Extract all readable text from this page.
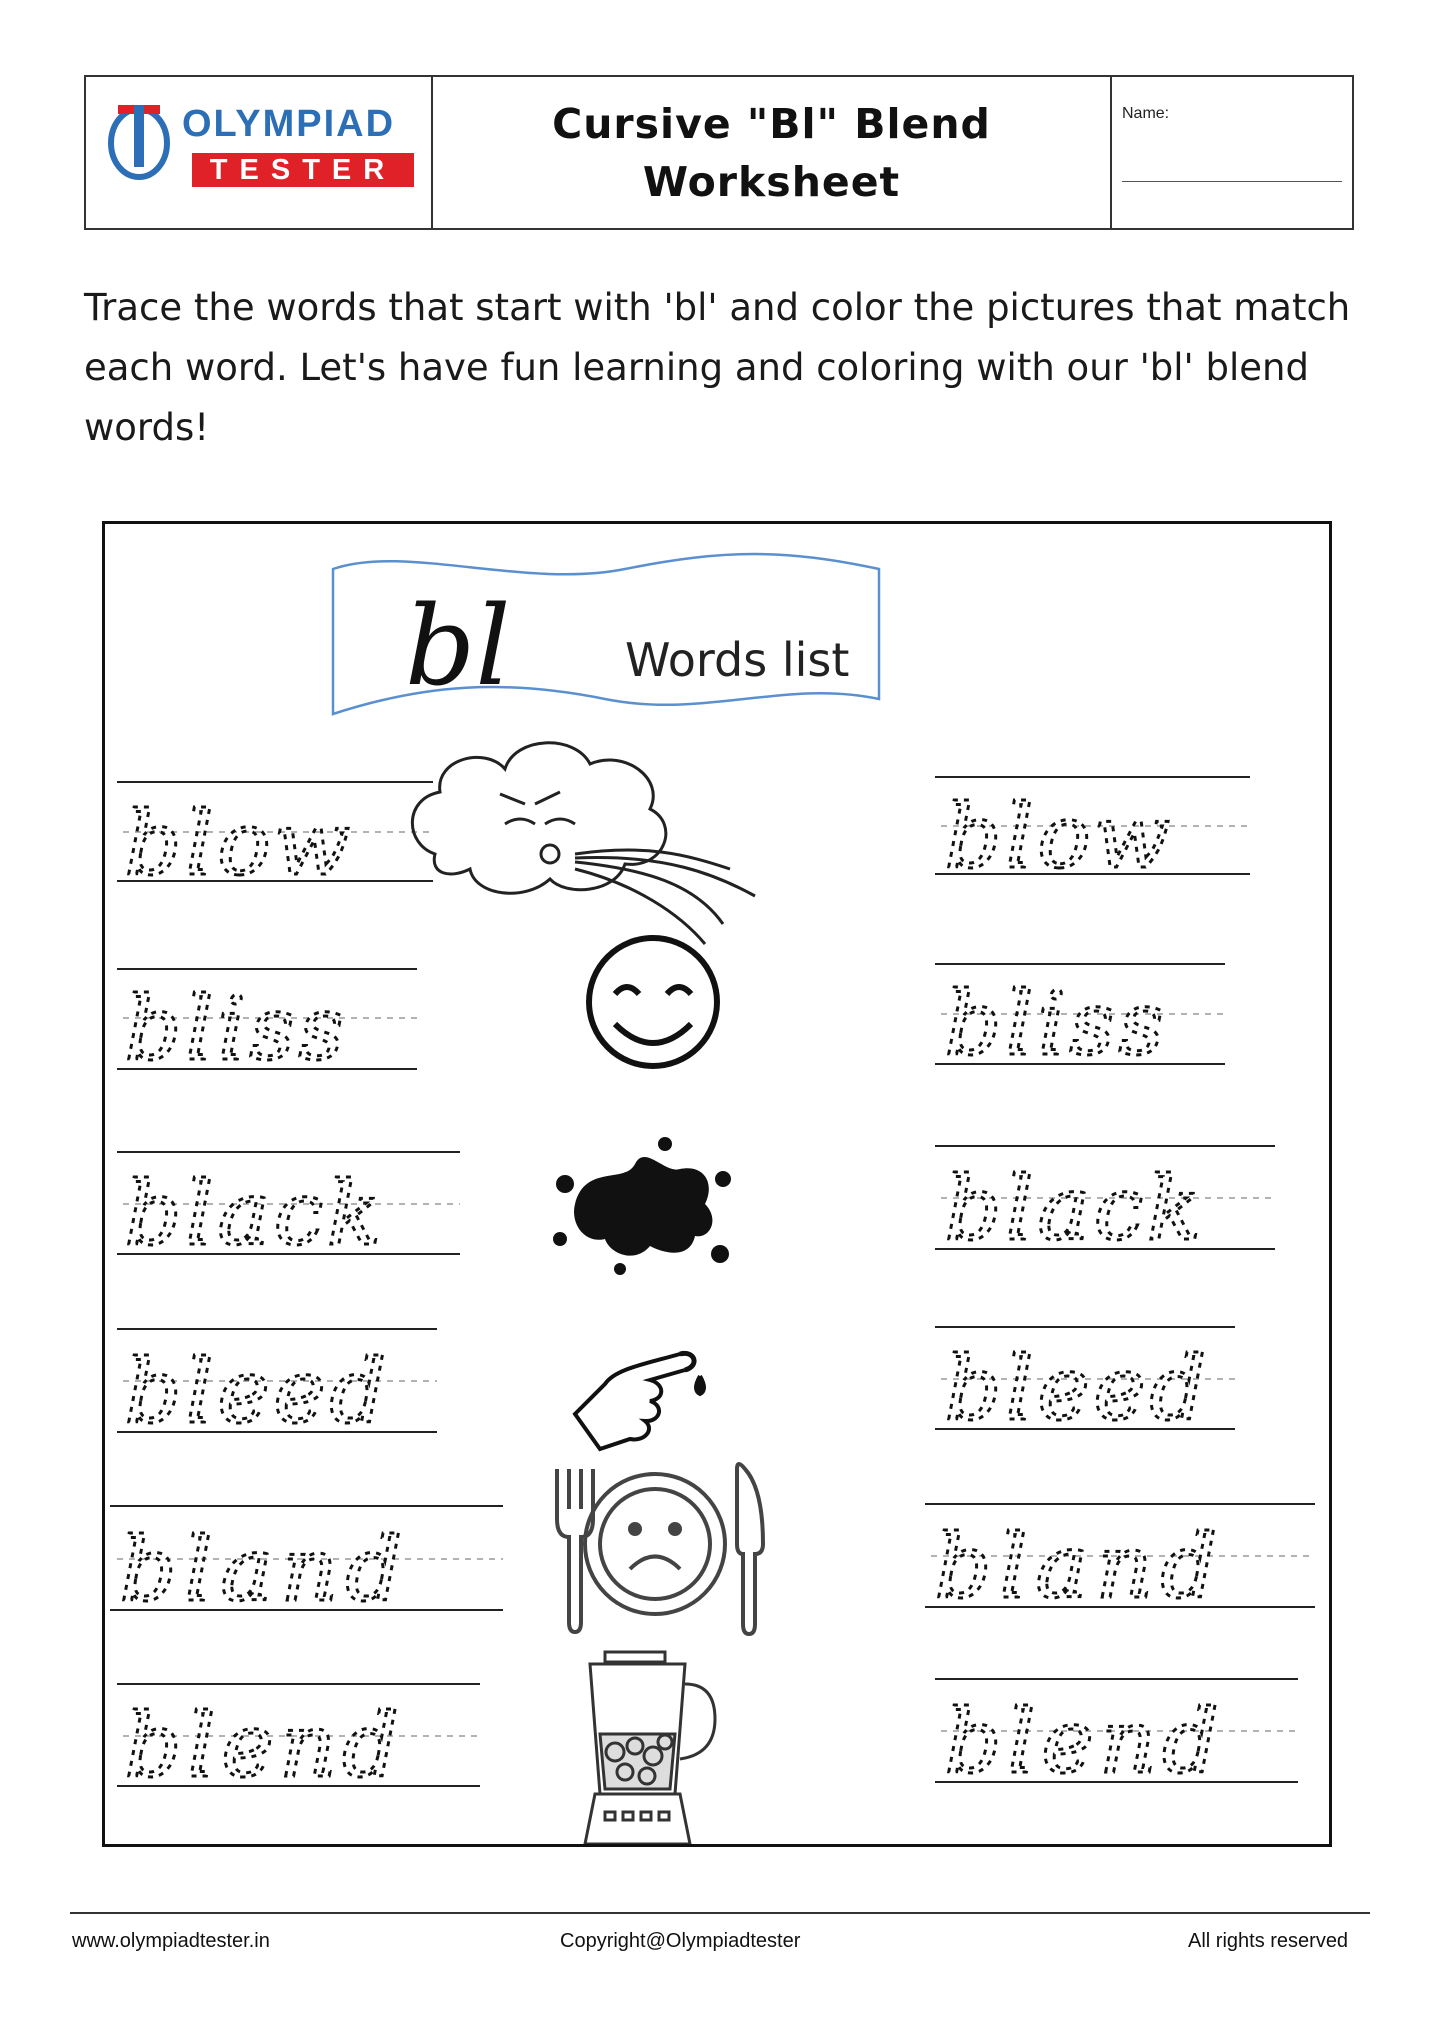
OLYMPIAD
TESTER
Cursive "Bl" Blend
Worksheet
Name:
Trace the words that start with 'bl' and color the pictures that match each word. Let's have fun learning and coloring with our 'bl' blend words!
bl Words list
blow	blow
bliss	bliss
black	black
bleed	bleed
bland	bland
blend	blend
www.olympiadtester.in	Copyright@Olympiadtester	All rights reserved
